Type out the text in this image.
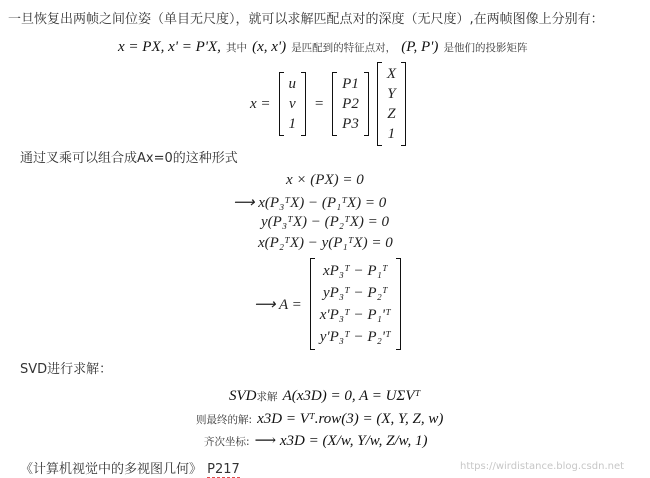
一旦恢复出两帧之间位姿（单目无尺度），就可以求解匹配点对的深度（无尺度）,在两帧图像上分别有：
x = PX, x' = P'X, 其中 (x, x') 是匹配到的特征点对， (P, P') 是他们的投影矩阵
x =
u
v
1
=
P1
P2
P3
X
Y
Z
1
通过叉乘可以组合成Ax=0的这种形式
x × (PX) = 0
⟶ x(P₃ᵀX) − (P₁ᵀX) = 0
y(P₃ᵀX) − (P₂ᵀX) = 0
x(P₂ᵀX) − y(P₁ᵀX) = 0
⟶ A =
xP₃ᵀ − P₁ᵀ
yP₃ᵀ − P₂ᵀ
x'P₃ᵀ − P₁'ᵀ
y'P₃ᵀ − P₂'ᵀ
SVD进行求解：
SVD求解 A(x3D) = 0, A = UΣVᵀ
则最终的解: x3D = Vᵀ.row(3) = (X, Y, Z, w)
齐次坐标: ⟶ x3D = (X/w, Y/w, Z/w, 1)
《计算机视觉中的多视图几何》 P217	https://wirdistance.blog.csdn.net
